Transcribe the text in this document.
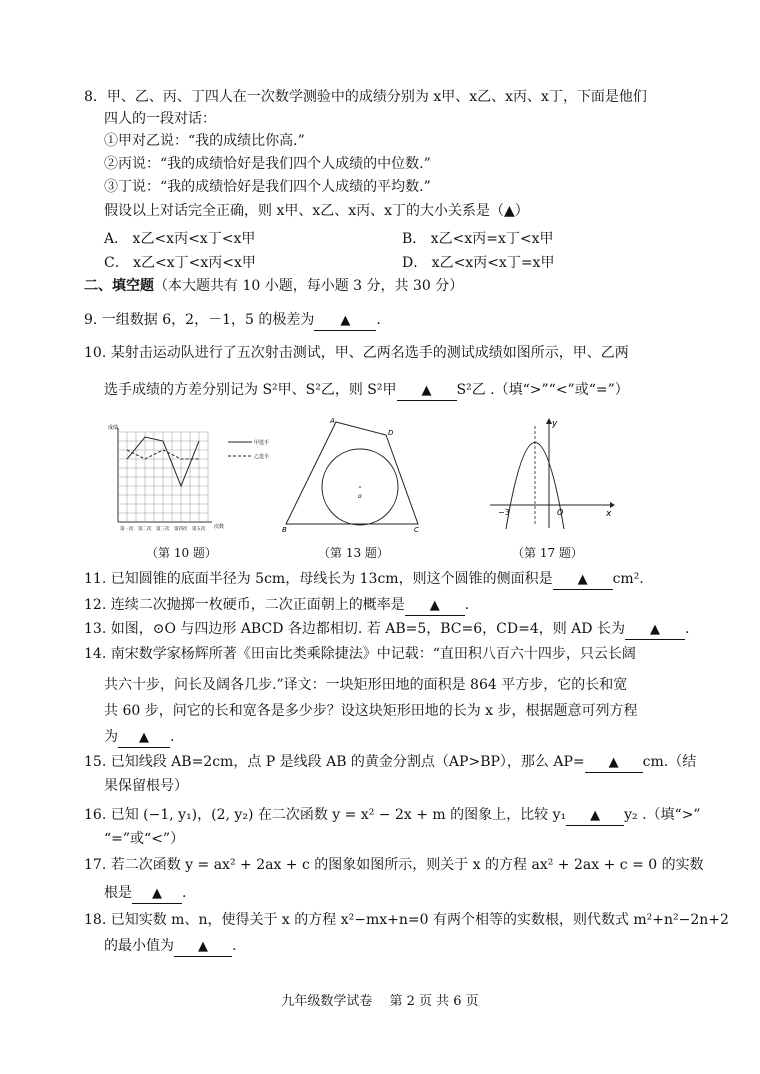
8．甲、乙、丙、丁四人在一次数学测验中的成绩分别为 x甲、x乙、x丙、x丁，下面是他们
四人的一段对话：
①甲对乙说：“我的成绩比你高.”
②丙说：“我的成绩恰好是我们四个人成绩的中位数.”
③丁说：“我的成绩恰好是我们四个人成绩的平均数.”
假设以上对话完全正确，则 x甲、x乙、x丙、x丁的大小关系是（▲）
A． x乙<x丙<x丁<x甲	B． x乙<x丙=x丁<x甲
C． x乙<x丁<x丙<x甲	D． x乙<x丙<x丁=x甲
二、填空题（本大题共有 10 小题，每小题 3 分，共 30 分）
9. 一组数据 6，2，－1，5 的极差为 ▲ .
10. 某射击运动队进行了五次射击测试，甲、乙两名选手的测试成绩如图所示，甲、乙两
选手成绩的方差分别记为 S²甲、S²乙，则 S²甲 ▲ S²乙 .（填“>”“<”或“=”）
成绩
次数
甲选手
乙选手
第一次 第二次 第三次 第四次 第五次
（第 10 题）
A
D
B	C
o
（第 13 题）
−3	O
y
x
（第 17 题）
11. 已知圆锥的底面半径为 5cm，母线长为 13cm，则这个圆锥的侧面积是 ▲ cm².
12. 连续二次抛掷一枚硬币，二次正面朝上的概率是 ▲ .
13. 如图，⊙O 与四边形 ABCD 各边都相切. 若 AB=5，BC=6，CD=4，则 AD 长为 ▲ .
14. 南宋数学家杨辉所著《田亩比类乘除捷法》中记载：“直田积八百六十四步，只云长阔
共六十步，问长及阔各几步.”译文：一块矩形田地的面积是 864 平方步，它的长和宽
共 60 步，问它的长和宽各是多少步？设这块矩形田地的长为 x 步，根据题意可列方程
为 ▲ .
15. 已知线段 AB=2cm，点 P 是线段 AB 的黄金分割点（AP>BP），那么 AP= ▲ cm.（结
果保留根号）
16. 已知 (−1, y₁)，(2, y₂) 在二次函数 y = x² − 2x + m 的图象上，比较 y₁ ▲ y₂ .（填“>”
“=”或“<”）
17. 若二次函数 y = ax² + 2ax + c 的图象如图所示，则关于 x 的方程 ax² + 2ax + c = 0 的实数
根是 ▲ .
18. 已知实数 m、n，使得关于 x 的方程 x²−mx+n=0 有两个相等的实数根，则代数式 m²+n²−2n+2
的最小值为 ▲ .
九年级数学试卷　 第 2 页 共 6 页
